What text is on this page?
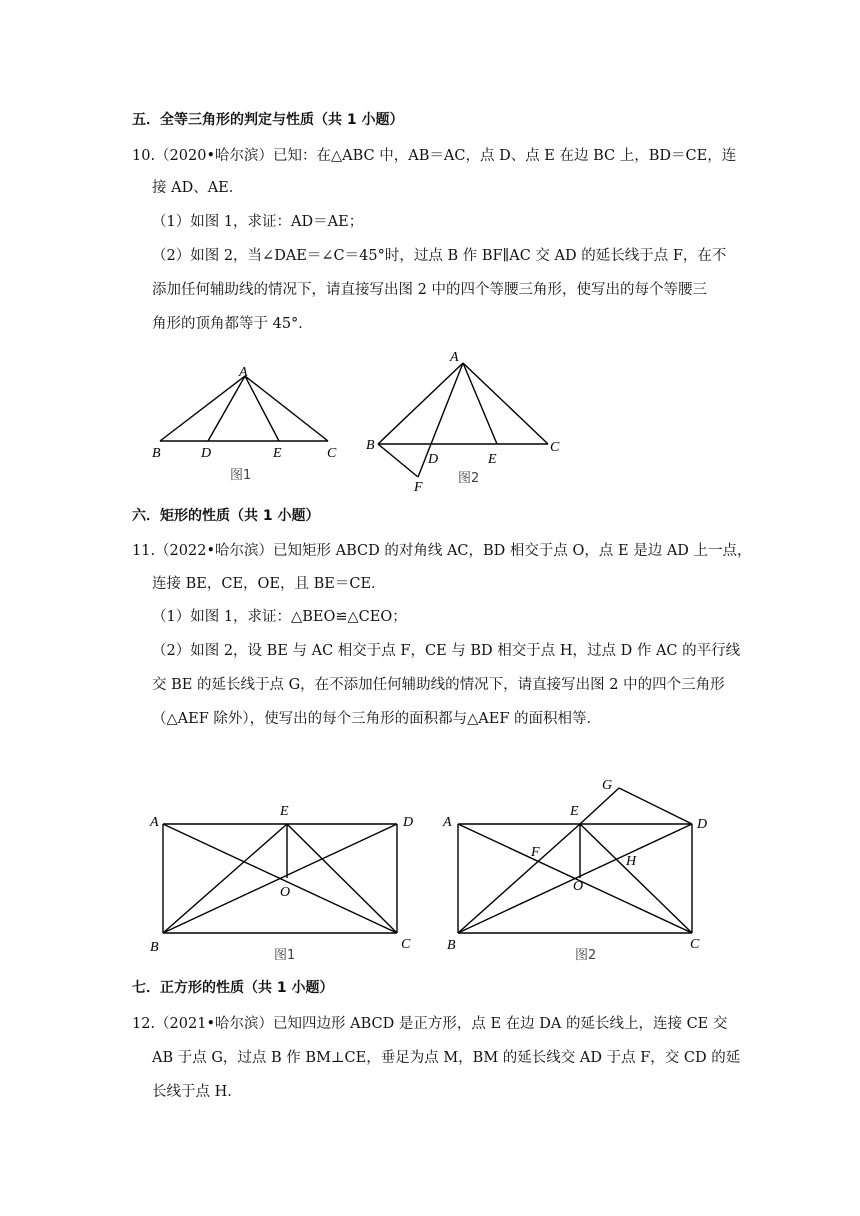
五．全等三角形的判定与性质（共 1 小题）
10.（2020•哈尔滨）已知：在△ABC 中，AB＝AC，点 D、点 E 在边 BC 上，BD＝CE，连
接 AD、AE．
（1）如图 1，求证：AD＝AE；
（2）如图 2，当∠DAE＝∠C＝45°时，过点 B 作 BF∥AC 交 AD 的延长线于点 F，在不
添加任何辅助线的情况下，请直接写出图 2 中的四个等腰三角形，使写出的每个等腰三
角形的顶角都等于 45°．
A
B	D	E	C
图1
A
B
D	E
C
F
图2
六．矩形的性质（共 1 小题）
11.（2022•哈尔滨）已知矩形 ABCD 的对角线 AC，BD 相交于点 O，点 E 是边 AD 上一点，
连接 BE，CE，OE，且 BE＝CE．
（1）如图 1，求证：△BEO≌△CEO；
（2）如图 2，设 BE 与 AC 相交于点 F，CE 与 BD 相交于点 H，过点 D 作 AC 的平行线
交 BE 的延长线于点 G，在不添加任何辅助线的情况下，请直接写出图 2 中的四个三角形
（△AEF 除外），使写出的每个三角形的面积都与△AEF 的面积相等．
A
E
D
O
B	C
图1
A
E
D
G
F
H
O
B	C
图2
七．正方形的性质（共 1 小题）
12.（2021•哈尔滨）已知四边形 ABCD 是正方形，点 E 在边 DA 的延长线上，连接 CE 交
AB 于点 G，过点 B 作 BM⊥CE，垂足为点 M，BM 的延长线交 AD 于点 F，交 CD 的延
长线于点 H．
